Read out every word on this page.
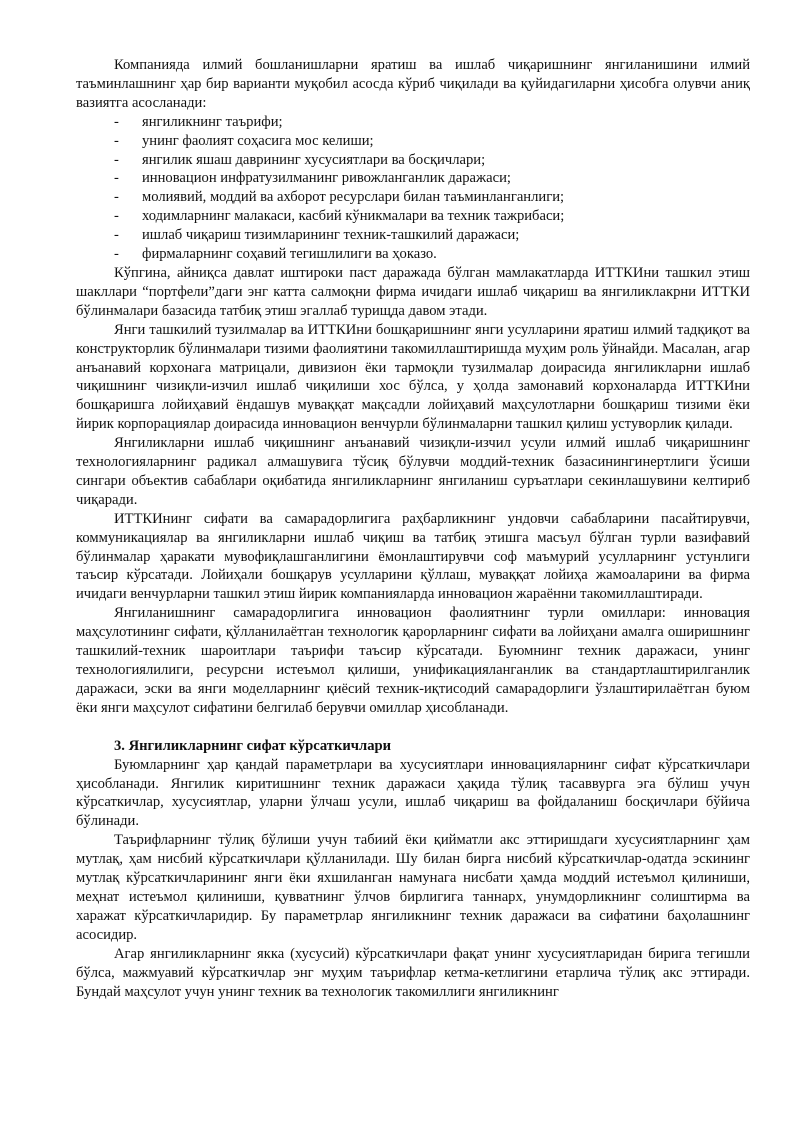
Компанияда илмий бошланишларни яратиш ва ишлаб чиқаришнинг янгиланишини илмий таъминлашнинг ҳар бир варианти муқобил асосда кўриб чиқилади ва қуйидагиларни ҳисобга олувчи аниқ вазиятга асосланади:

- янгиликнинг таърифи;
- унинг фаолият соҳасига мос келиши;
- янгилик яшаш даврининг хусусиятлари ва босқичлари;
- инновацион инфратузилманинг ривожланганлик даражаси;
- молиявий, моддий ва ахборот ресурслари билан таъминланганлиги;
- ходимларнинг малакаси, касбий кўникмалари ва техник тажрибаси;
- ишлаб чиқариш тизимларининг техник-ташкилий даражаси;
- фирмаларнинг соҳавий тегишлилиги ва ҳоказо.

Кўпгина, айниқса давлат иштироки паст даражада бўлган мамлакатларда ИТТКИни ташкил этиш шакллари “портфели”даги энг катта салмоқни фирма ичидаги ишлаб чиқариш ва янгиликлакрни ИТТКИ бўлинмалари базасида татбиқ этиш эгаллаб турищда давом этади.

Янги ташкилий тузилмалар ва ИТТКИни бошқаришнинг янги усулларини яратиш илмий тадқиқот ва конструкторлик бўлинмалари тизими фаолиятини такомиллаштиришда муҳим роль ўйнайди. Масалан, агар анъанавий корхонага матрицали, дивизион ёки тармоқли тузилмалар доирасида янгиликларни ишлаб чиқишнинг чизиқли-изчил ишлаб чиқилиши хос бўлса, у ҳолда замонавий корхоналарда ИТТКИни бошқаришга лойиҳавий ёндашув муваққат мақсадли лойиҳавий маҳсулотларни бошқариш тизими ёки йирик корпорациялар доирасида инновацион венчурли бўлинмаларни ташкил қилиш устуворлик қилади.

Янгиликларни ишлаб чиқишнинг анъанавий чизиқли-изчил усули илмий ишлаб чиқаришнинг технологияларнинг радикал алмашувига тўсиқ бўлувчи моддий-техник базасинингинертлиги ўсиши сингари объектив сабаблари оқибатида янгиликларнинг янгиланиш суръатлари секинлашувини келтириб чиқаради.

ИТТКИнинг сифати ва самарадорлигига раҳбарликнинг ундовчи сабабларини пасайтирувчи, коммуникациялар ва янгиликларни ишлаб чиқиш ва татбиқ этишга масъул бўлган турли вазифавий бўлинмалар ҳаракати мувофиқлашганлигини ёмонлаштирувчи соф маъмурий усулларнинг устунлиги таъсир кўрсатади. Лойиҳали бошқарув усулларини қўллаш, муваққат лойиҳа жамоаларини ва фирма ичидаги венчурларни ташкил этиш йирик компанияларда инновацион жараённи такомиллаштиради.

Янгиланишнинг самарадорлигига инновацион фаолиятнинг турли омиллари: инновация маҳсулотининг сифати, қўлланилаётган технологик қарорларнинг сифати ва лойиҳани амалга оширишнинг ташкилий-техник шароитлари таърифи таъсир кўрсатади. Буюмнинг техник даражаси, унинг технологиялилиги, ресурсни истеъмол қилиши, унификацияланганлик ва стандартлаштирилганлик даражаси, эски ва янги моделларнинг қиёсий техник-иқтисодий самарадорлиги ўзлаштирилаётган буюм ёки янги маҳсулот сифатини белгилаб берувчи омиллар ҳисобланади.

3. Янгиликларнинг сифат кўрсаткичлари

Буюмларнинг ҳар қандай параметрлари ва хусусиятлари инновацияларнинг сифат кўрсаткичлари ҳисобланади. Янгилик киритишнинг техник даражаси ҳақида тўлиқ тасаввурга эга бўлиш учун кўрсаткичлар, хусусиятлар, уларни ўлчаш усули, ишлаб чиқариш ва фойдаланиш босқичлари бўйича бўлинади.

Таърифларнинг тўлиқ бўлиши учун табиий ёки қийматли акс эттиришдаги хусусиятларнинг ҳам мутлақ, ҳам нисбий кўрсаткичлари қўлланилади. Шу билан бирга нисбий кўрсаткичлар-одатда эскининг мутлақ кўрсаткичларининг янги ёки яхшиланган намунага нисбати ҳамда моддий истеъмол қилиниши, меҳнат истеъмол қилиниши, қувватнинг ўлчов бирлигига таннарх, унумдорликнинг солиштирма ва харажат кўрсаткичларидир. Бу параметрлар янгиликнинг техник даражаси ва сифатини баҳолашнинг асосидир.

Агар янгиликларнинг якка (хусусий) кўрсаткичлари фақат унинг хусусиятларидан бирига тегишли бўлса, мажмуавий кўрсаткичлар энг муҳим таърифлар кетма-кетлигини етарлича тўлиқ акс эттиради. Бундай маҳсулот учун унинг техник ва технологик такомиллиги янгиликнинг
